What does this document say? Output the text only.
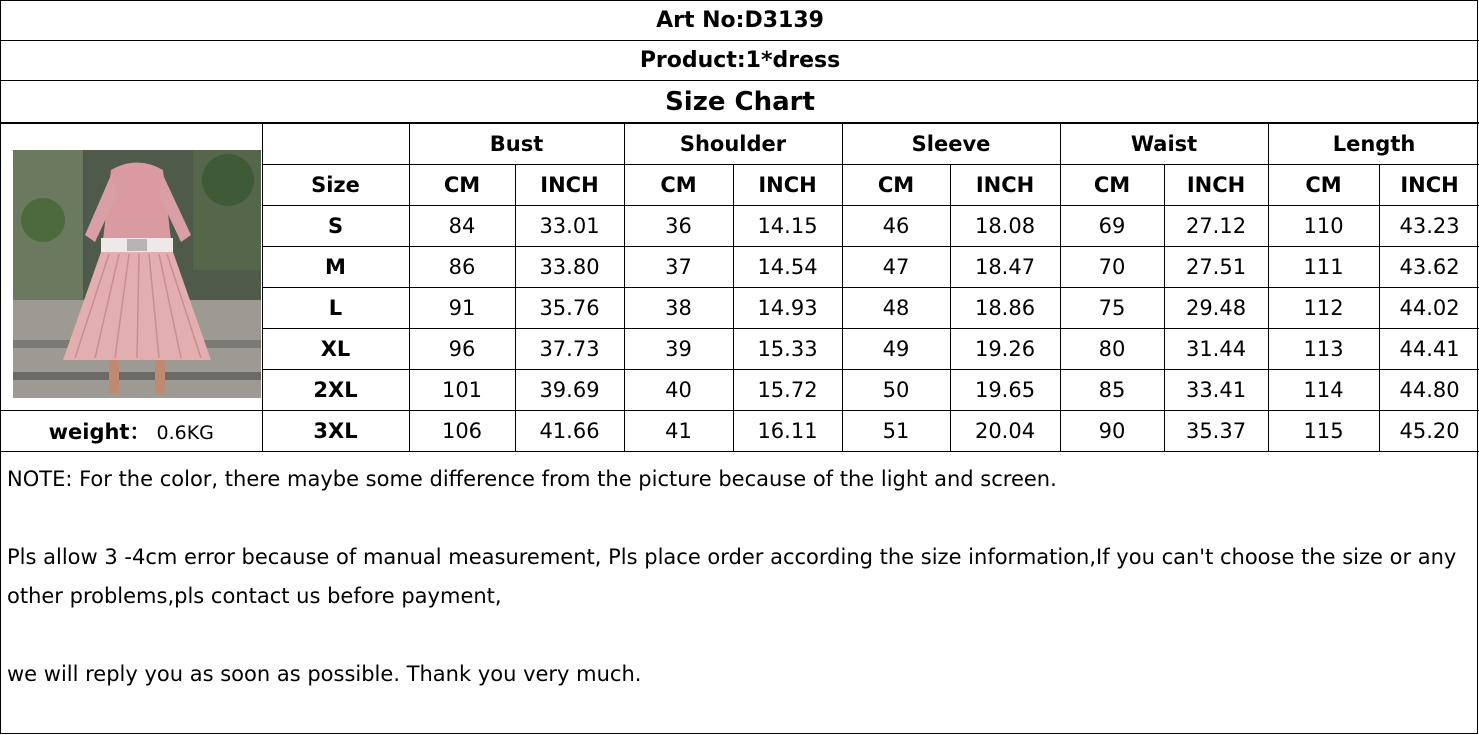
Art No:D3139
Product:1*dress
Size Chart
		Bust		Shoulder		Sleeve		Waist		Length	
	Size	CM	INCH	CM	INCH	CM	INCH	CM	INCH	CM	INCH
	S	84	33.01	36	14.15	46	18.08	69	27.12	110	43.23
	M	86	33.80	37	14.54	47	18.47	70	27.51	111	43.62
	L	91	35.76	38	14.93	48	18.86	75	29.48	112	44.02
	XL	96	37.73	39	15.33	49	19.26	80	31.44	113	44.41
	2XL	101	39.69	40	15.72	50	19.65	85	33.41	114	44.80
weight： 0.6KG	3XL	106	41.66	41	16.11	51	20.04	90	35.37	115	45.20
NOTE: For the color, there maybe some difference from the picture because of the light and screen.
Pls allow 3 -4cm error because of manual measurement, Pls place order according the size information,If you can't choose the size or any other problems,pls contact us before payment,
we will reply you as soon as possible. Thank you very much.
